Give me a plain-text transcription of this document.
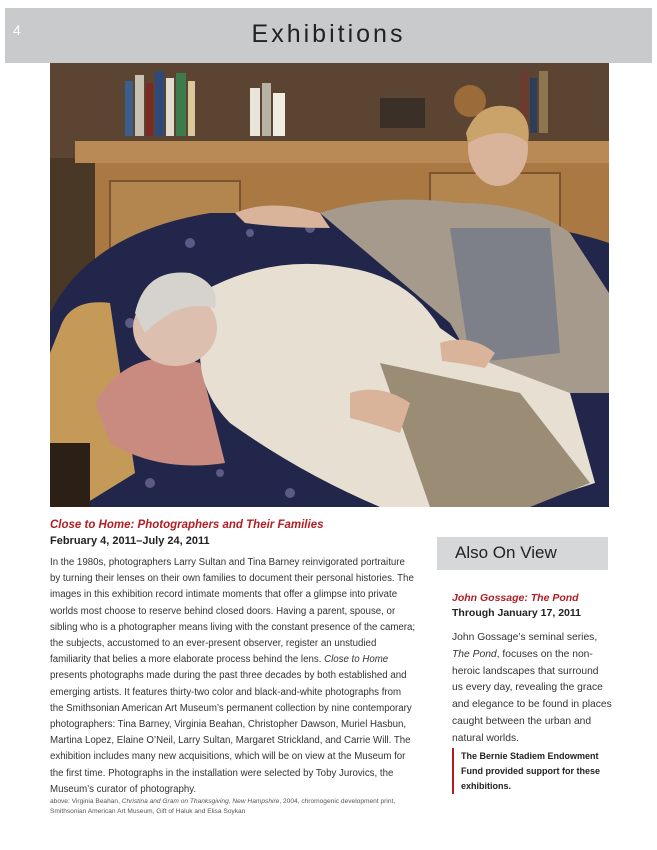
4	Exhibitions
Close to Home: Photographers and Their Families
February 4, 2011–July 24, 2011
In the 1980s, photographers Larry Sultan and Tina Barney reinvigorated portraiture by turning their lenses on their own families to document their personal histories. The images in this exhibition record intimate moments that offer a glimpse into private worlds most choose to reserve behind closed doors. Having a parent, spouse, or sibling who is a photographer means living with the constant presence of the camera; the subjects, accustomed to an ever-present observer, register an unstudied familiarity that belies a more elaborate process behind the lens. Close to Home presents photographs made during the past three decades by both established and emerging artists. It features thirty-two color and black-and-white photographs from the Smithsonian American Art Museum’s permanent collection by nine contemporary photographers: Tina Barney, Virginia Beahan, Christopher Dawson, Muriel Hasbun, Martina Lopez, Elaine O’Neil, Larry Sultan, Margaret Strickland, and Carrie Will. The exhibition includes many new acquisitions, which will be on view at the Museum for the first time. Photographs in the installation were selected by Toby Jurovics, the Museum’s curator of photography.
above: Virginia Beahan, Christina and Gram on Thanksgiving, New Hampshire, 2004, chromogenic development print, Smithsonian American Art Museum, Gift of Haluk and Elisa Soykan
Also On View
John Gossage: The Pond
Through January 17, 2011
John Gossage’s seminal series, The Pond, focuses on the non-heroic landscapes that surround us every day, revealing the grace and elegance to be found in places caught between the urban and natural worlds.
The Bernie Stadiem Endowment Fund provided support for these exhibitions.
